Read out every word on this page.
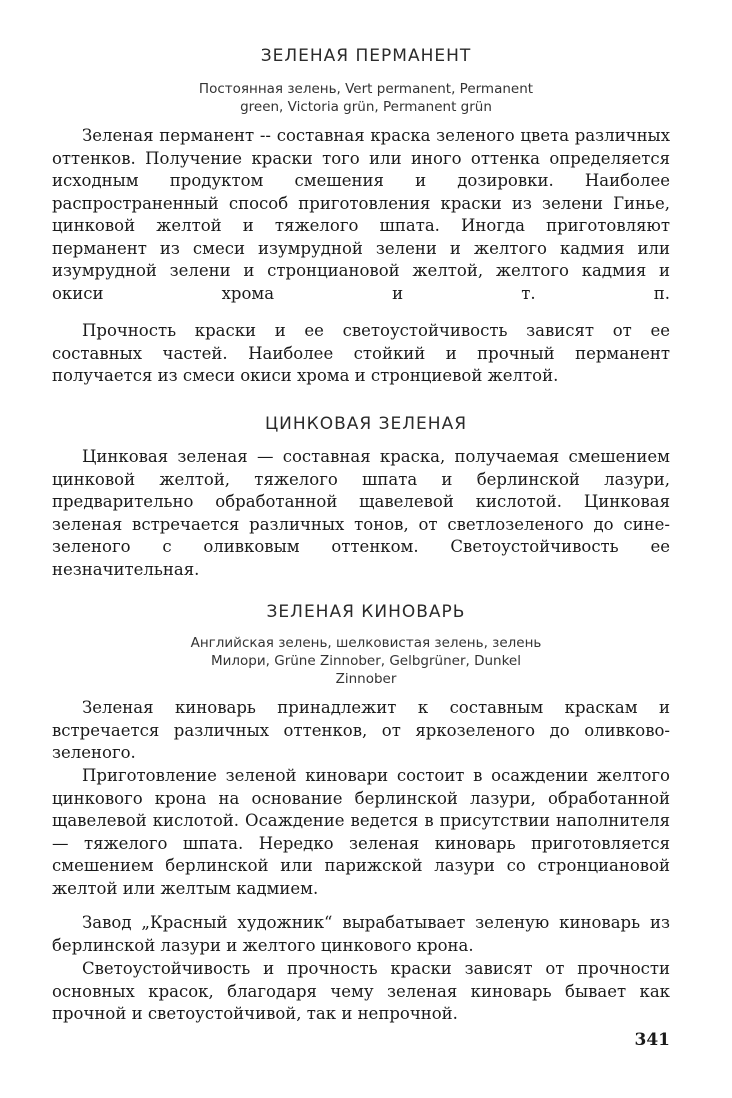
ЗЕЛЕНАЯ ПЕРМАНЕНТ
Постоянная зелень, Vert permanent, Permanent
green, Victoria grün, Permanent grün
Зеленая перманент -- составная краска зеленого цвета различных оттенков. Получение краски того или иного оттенка определяется исходным продуктом смешения и дозировки. Наиболее распространенный способ приготовления краски из зелени Гинье, цинковой желтой и тяжелого шпата. Иногда приготовляют перманент из смеси изумрудной зелени и желтого кадмия или изумрудной зелени и стронциановой желтой, желтого кадмия и окиси хрома и т. п.
Прочность краски и ее светоустойчивость зависят от ее составных частей. Наиболее стойкий и прочный перманент получается из смеси окиси хрома и стронциевой желтой.
ЦИНКОВАЯ ЗЕЛЕНАЯ
Цинковая зеленая — составная краска, получаемая смешением цинковой желтой, тяжелого шпата и берлинской лазури, предварительно обработанной щавелевой кислотой. Цинковая зеленая встречается различных тонов, от светлозеленого до сине-зеленого с оливковым оттенком. Светоустойчивость ее незначительная.
ЗЕЛЕНАЯ КИНОВАРЬ
Английская зелень, шелковистая зелень, зелень
Милори, Grüne Zinnober, Gelbgrüner, Dunkel
Zinnober
Зеленая киноварь принадлежит к составным краскам и встречается различных оттенков, от яркозеленого до оливково-зеленого.
Приготовление зеленой киновари состоит в осаждении желтого цинкового крона на основание берлинской лазури, обработанной щавелевой кислотой. Осаждение ведется в присутствии наполнителя — тяжелого шпата. Нередко зеленая киноварь приготовляется смешением берлинской или парижской лазури со стронциановой желтой или желтым кадмием.
Завод „Красный художник“ вырабатывает зеленую киноварь из берлинской лазури и желтого цинкового крона.
Светоустойчивость и прочность краски зависят от прочности основных красок, благодаря чему зеленая киноварь бывает как прочной и светоустойчивой, так и непрочной.
341
